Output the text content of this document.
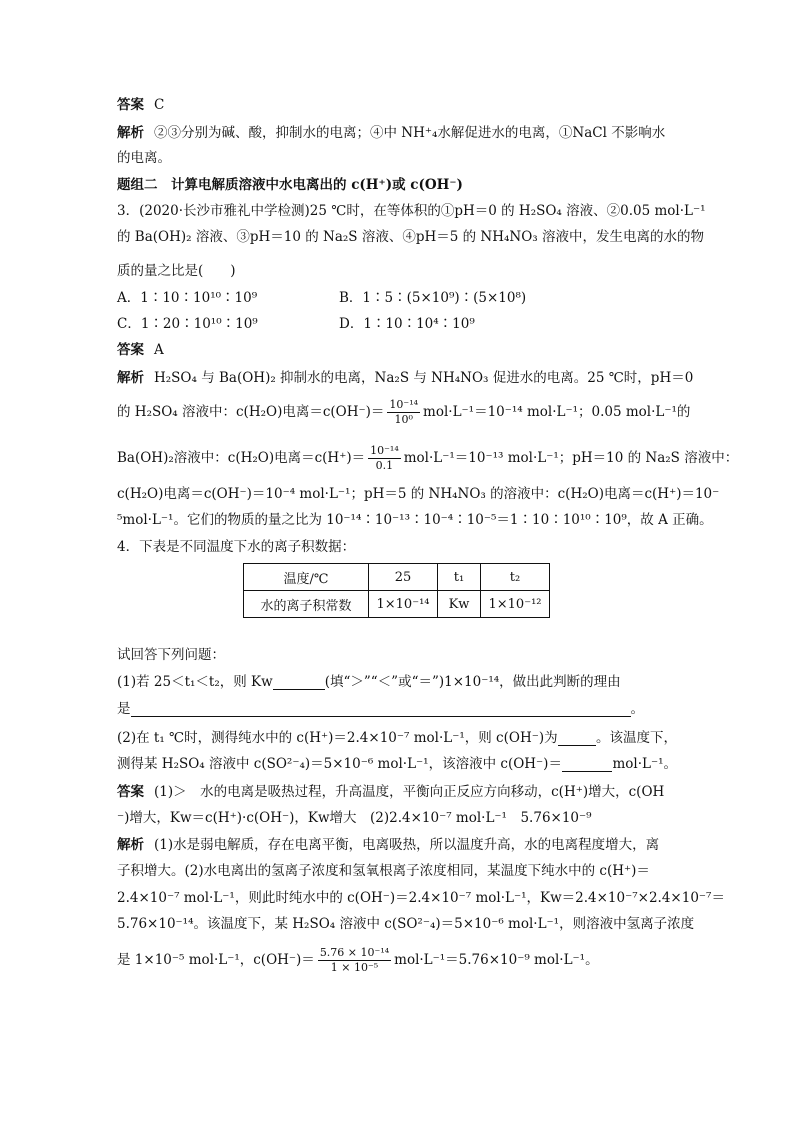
答案 C
解析 ②③分别为碱、酸，抑制水的电离；④中 NH⁺₄水解促进水的电离，①NaCl 不影响水
的电离。
题组二　计算电解质溶液中水电离出的 c(H⁺)或 c(OH⁻)
3．(2020·长沙市雅礼中学检测)25 ℃时，在等体积的①pH＝0 的 H₂SO₄ 溶液、②0.05 mol·L⁻¹
的 Ba(OH)₂ 溶液、③pH＝10 的 Na₂S 溶液、④pH＝5 的 NH₄NO₃ 溶液中，发生电离的水的物
质的量之比是(　　)
A．1∶10∶10¹⁰∶10⁹	B．1∶5∶(5×10⁹)∶(5×10⁸)
C．1∶20∶10¹⁰∶10⁹	D．1∶10∶10⁴∶10⁹
答案 A
解析 H₂SO₄ 与 Ba(OH)₂ 抑制水的电离，Na₂S 与 NH₄NO₃ 促进水的电离。25 ℃时，pH＝0
的 H₂SO₄ 溶液中：c(H₂O)电离$=c(OH^-)= \frac{\text{10⁻¹⁴}}{\text{10⁰}} mol\cdot L^{-1}=10^{-14}$ mol·L⁻¹；0.05 mol·L⁻¹的
Ba(OH)₂溶液中：c(H₂O)电离$=c(H^+)= \frac{\text{10⁻¹⁴}}{0.1} mol\cdot L^{-1}=10^{-13}$ mol·L⁻¹；pH＝10 的 Na₂S 溶液中：
c(H₂O)电离＝c(OH⁻)＝10⁻⁴ mol·L⁻¹；pH＝5 的 NH₄NO₃ 的溶液中：c(H₂O)电离＝c(H⁺)＝10⁻
⁵mol·L⁻¹。它们的物质的量之比为 10⁻¹⁴∶10⁻¹³∶10⁻⁴∶10⁻⁵＝1∶10∶10¹⁰∶10⁹，故 A 正确。
4．下表是不同温度下水的离子积数据：
温度/℃	25	t₁	t₂
水的离子积常数	1×10⁻¹⁴	Kw	1×10⁻¹²
试回答下列问题：
(1)若 25＜t₁＜t₂，则 Kw	(填“＞”“＜”或“＝”)1×10⁻¹⁴，做出此判断的理由
是	。
(2)在 t₁ ℃时，测得纯水中的 c(H⁺)＝2.4×10⁻⁷ mol·L⁻¹，则 c(OH⁻)为	。该温度下，
测得某 H₂SO₄ 溶液中 c(SO²⁻₄)＝5×10⁻⁶ mol·L⁻¹，该溶液中 c(OH⁻)＝	mol·L⁻¹。
答案 (1)＞　水的电离是吸热过程，升高温度，平衡向正反应方向移动，c(H⁺)增大，c(OH
⁻)增大，Kw＝c(H⁺)·c(OH⁻)，Kw增大　(2)2.4×10⁻⁷ mol·L⁻¹　5.76×10⁻⁹
解析 (1)水是弱电解质，存在电离平衡，电离吸热，所以温度升高，水的电离程度增大，离
子积增大。(2)水电离出的氢离子浓度和氢氧根离子浓度相同，某温度下纯水中的 c(H⁺)＝
2.4×10⁻⁷ mol·L⁻¹，则此时纯水中的 c(OH⁻)＝2.4×10⁻⁷ mol·L⁻¹，Kw＝2.4×10⁻⁷×2.4×10⁻⁷＝
5.76×10⁻¹⁴。该温度下，某 H₂SO₄ 溶液中 c(SO²⁻₄)＝5×10⁻⁶ mol·L⁻¹，则溶液中氢离子浓度
是 1×10⁻⁵ mol·L⁻¹，$c(OH^-)= \frac{\text{5.76 × 10⁻¹⁴}}{\text{1 × 10⁻⁵}} mol\cdot L^{-1}=5.76\times 10^{-9}$ mol·L⁻¹。
